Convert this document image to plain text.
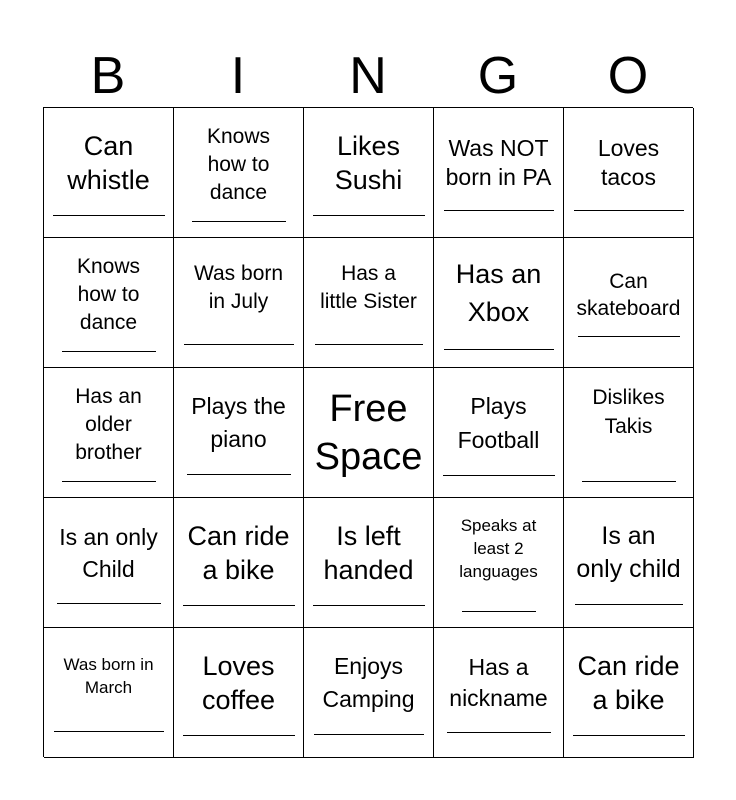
B	I	N	G	O
Can
whistle
Knows
how to
dance
Likes
Sushi
Was NOT
born in PA
Loves
tacos
Knows
how to
dance
Was born
in July
Has a
little Sister
Has an
Xbox
Can
skateboard
Has an
older
brother
Plays the
piano
Free
Space
Plays
Football
Dislikes
Takis
Is an only
Child
Can ride
a bike
Is left
handed
Speaks at
least 2
languages
Is an
only child
Was born in
March
Loves
coffee
Enjoys
Camping
Has a
nickname
Can ride
a bike
